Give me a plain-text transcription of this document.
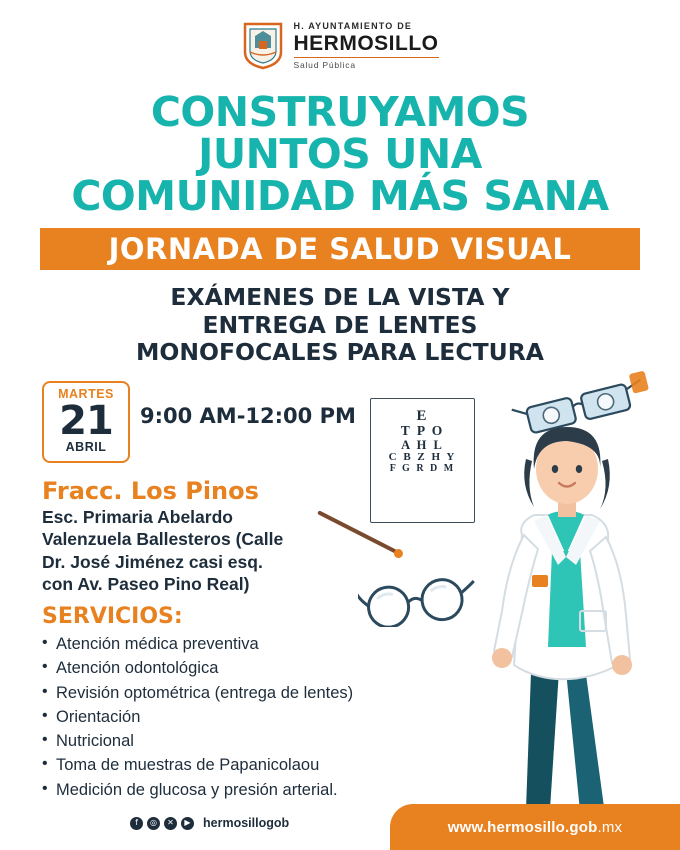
H. AYUNTAMIENTO DE
HERMOSILLO
Salud Pública
CONSTRUYAMOS
JUNTOS UNA
COMUNIDAD MÁS SANA
JORNADA DE SALUD VISUAL
EXÁMENES DE LA VISTA Y
ENTREGA DE LENTES
MONOFOCALES PARA LECTURA
MARTES
21
ABRIL
9:00 AM-12:00 PM
Fracc. Los Pinos
Esc. Primaria Abelardo
Valenzuela Ballesteros (Calle
Dr. José Jiménez casi esq.
con Av. Paseo Pino Real)
SERVICIOS:
• Atención médica preventiva
• Atención odontológica
• Revisión optométrica (entrega de lentes)
• Orientación
• Nutricional
• Toma de muestras de Papanicolaou
• Medición de glucosa y presión arterial.
E
T P O
A H L
C B Z H Y
F G R D M
f	◎	✕	▶ hermosillogob	www.hermosillo.gob .mx
